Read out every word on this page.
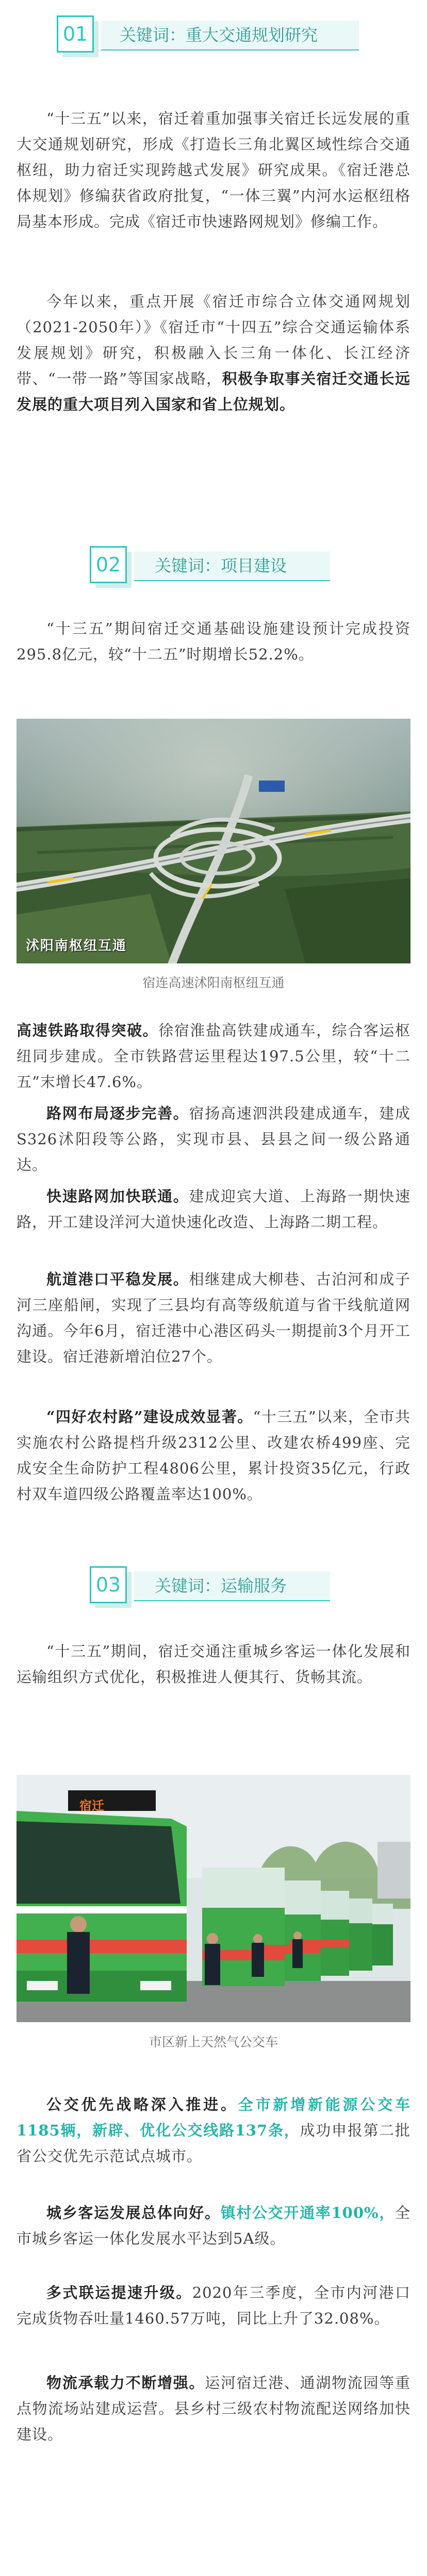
01	关键词：重大交通规划研究
“十三五”以来，宿迁着重加强事关宿迁长远发展的重大交通规划研究，形成《打造长三角北翼区域性综合交通枢纽，助力宿迁实现跨越式发展》研究成果。《宿迁港总体规划》修编获省政府批复，“一体三翼”内河水运枢纽格局基本形成。完成《宿迁市快速路网规划》修编工作。
今年以来，重点开展《宿迁市综合立体交通网规划（2021-2050年）》《宿迁市“十四五”综合交通运输体系发展规划》研究，积极融入长三角一体化、长江经济带、“一带一路”等国家战略，积极争取事关宿迁交通长远发展的重大项目列入国家和省上位规划。
02	关键词：项目建设
“十三五”期间宿迁交通基础设施建设预计完成投资295.8亿元，较“十二五”时期增长52.2%。
沭阳南枢纽互通
宿连高速沭阳南枢纽互通
高速铁路取得突破。徐宿淮盐高铁建成通车，综合客运枢纽同步建成。全市铁路营运里程达197.5公里，较“十二五”末增长47.6%。
路网布局逐步完善。宿扬高速泗洪段建成通车，建成S326沭阳段等公路，实现市县、县县之间一级公路通达。
快速路网加快联通。建成迎宾大道、上海路一期快速路，开工建设洋河大道快速化改造、上海路二期工程。
航道港口平稳发展。相继建成大柳巷、古泊河和成子河三座船闸，实现了三县均有高等级航道与省干线航道网沟通。今年6月，宿迁港中心港区码头一期提前3个月开工建设。宿迁港新增泊位27个。
“四好农村路”建设成效显著。“十三五”以来，全市共实施农村公路提档升级2312公里、改建农桥499座、完成安全生命防护工程4806公里，累计投资35亿元，行政村双车道四级公路覆盖率达100%。
03	关键词：运输服务
“十三五”期间，宿迁交通注重城乡客运一体化发展和运输组织方式优化，积极推进人便其行、货畅其流。
宿迁
市区新上天然气公交车
公交优先战略深入推进。全市新增新能源公交车1185辆，新辟、优化公交线路137条，成功申报第二批省公交优先示范试点城市。
城乡客运发展总体向好。镇村公交开通率100%，全市城乡客运一体化发展水平达到5A级。
多式联运提速升级。2020年三季度，全市内河港口完成货物吞吐量1460.57万吨，同比上升了32.08%。
物流承载力不断增强。运河宿迁港、通湖物流园等重点物流场站建成运营。县乡村三级农村物流配送网络加快建设。
